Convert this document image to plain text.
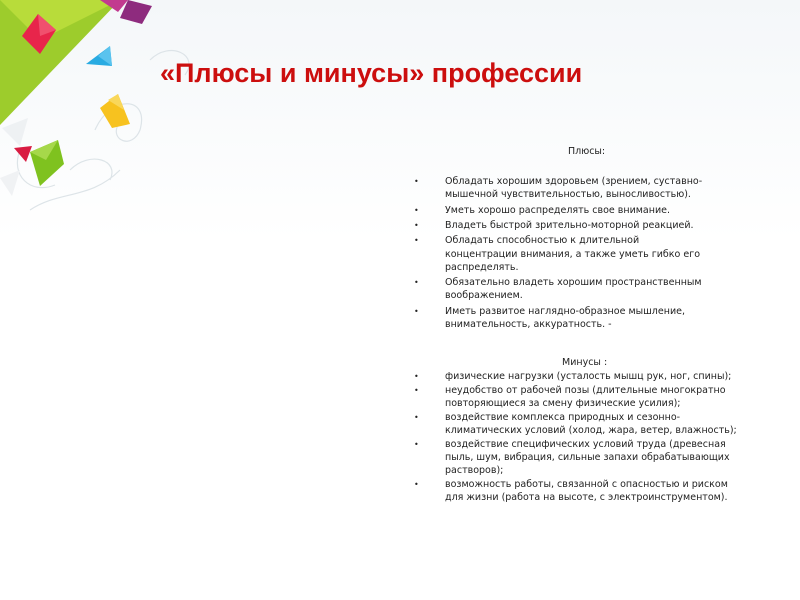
«Плюсы и минусы» профессии
Плюсы:
•	Обладать хорошим здоровьем (зрением, суставно-мышечной чувствительностью, выносливостью).
•	Уметь хорошо распределять свое внимание.
•	Владеть быстрой зрительно-моторной реакцией.
•	Обладать способностью к длительной концентрации внимания, а также уметь гибко его распределять.
•	Обязательно владеть хорошим пространственным воображением.
•	Иметь развитое наглядно-образное мышление, внимательность, аккуратность. -
Минусы :
•	физические нагрузки (усталость мышц рук, ног, спины);
•	неудобство от рабочей позы (длительные многократно повторяющиеся за смену физические усилия);
•	воздействие комплекса природных и сезонно-климатических условий (холод, жара, ветер, влажность);
•	воздействие специфических условий труда (древесная пыль, шум, вибрация, сильные запахи обрабатывающих растворов);
•	возможность работы, связанной с опасностью и риском для жизни (работа на высоте, с электроинструментом).
